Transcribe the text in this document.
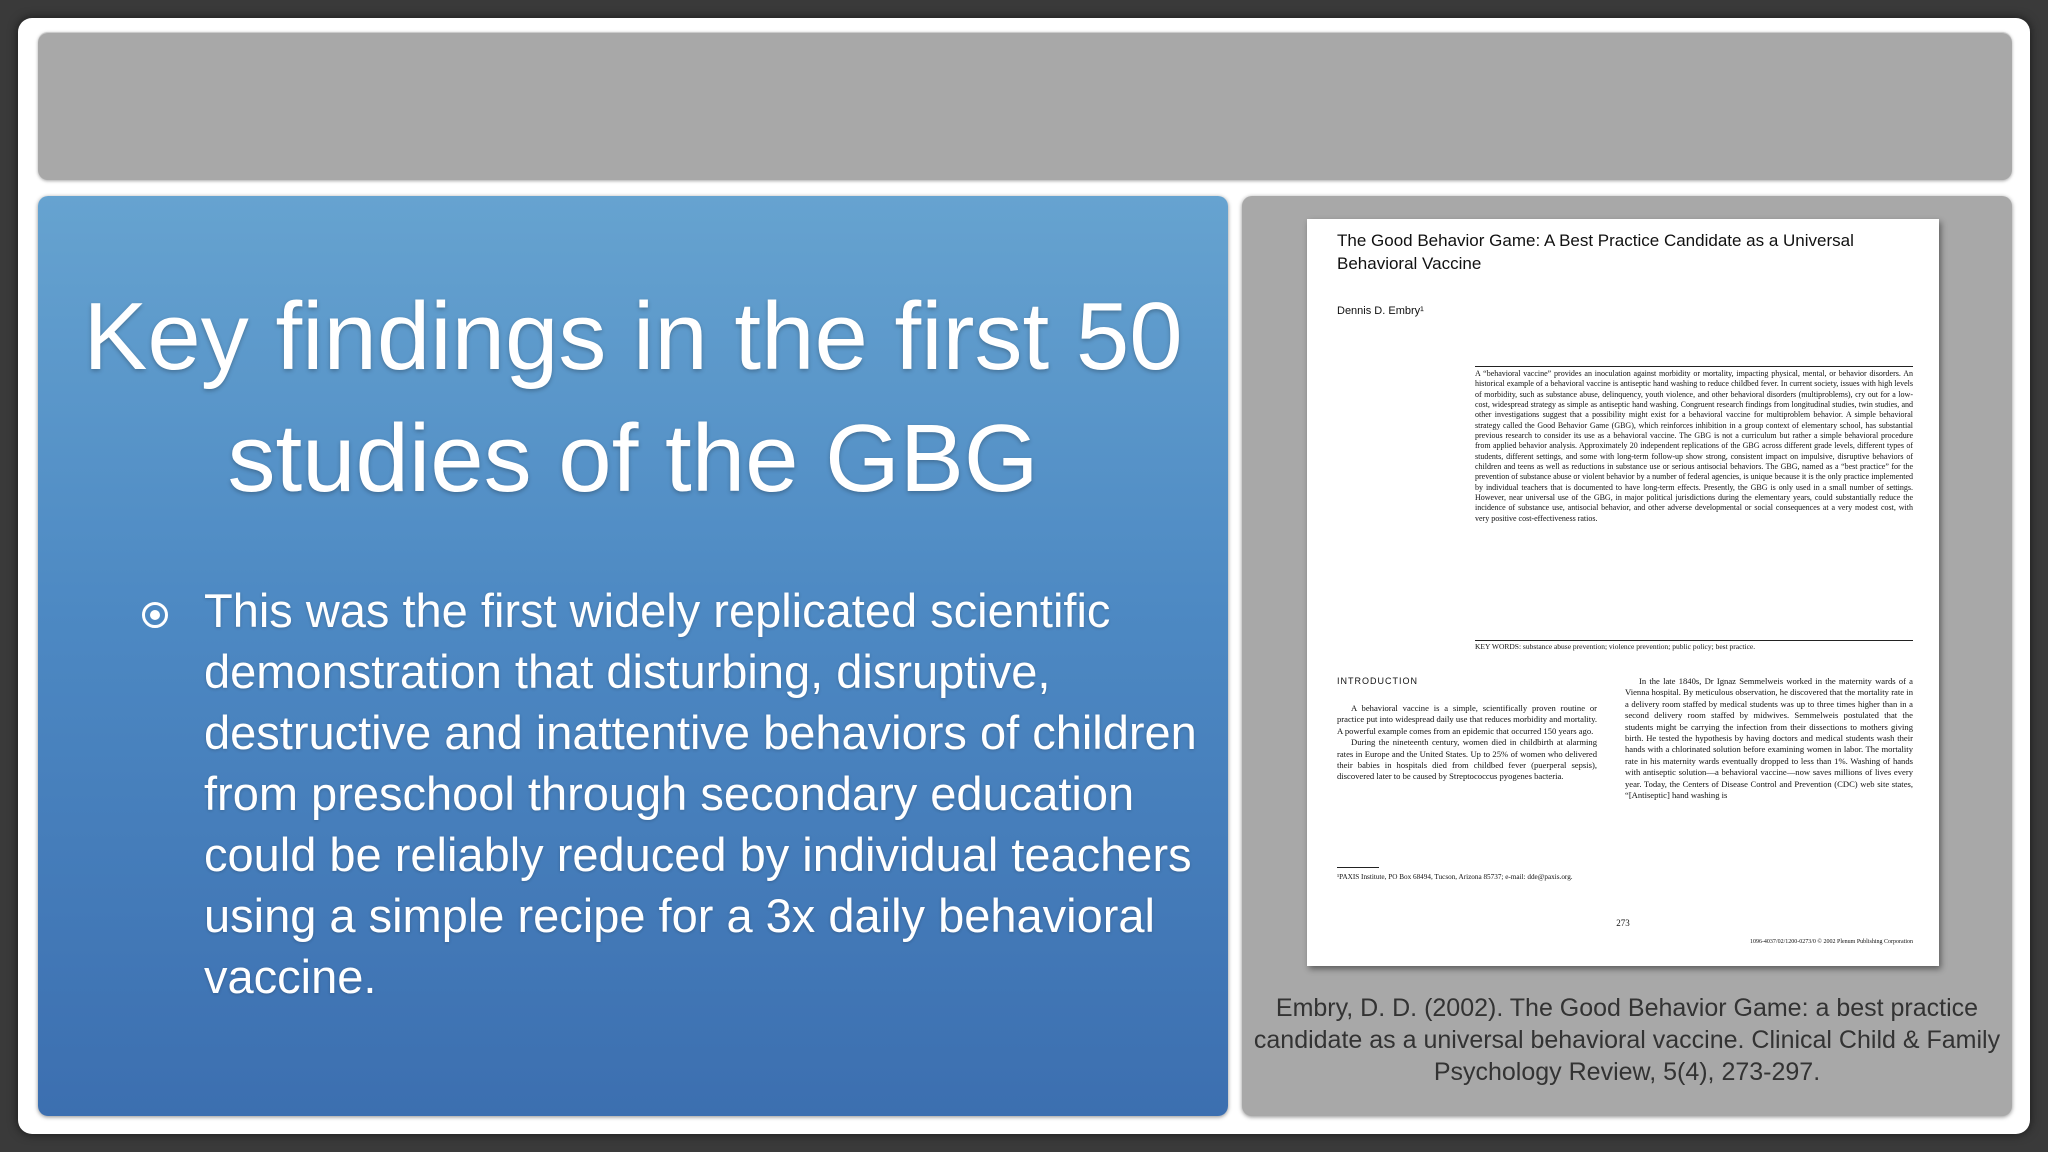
Key findings in the first 50 studies of the GBG
This was the first widely replicated scientific demonstration that disturbing, disruptive, destructive and inattentive behaviors of children from preschool through secondary education could be reliably reduced by individual teachers using a simple recipe for a 3x daily behavioral vaccine.
The Good Behavior Game: A Best Practice Candidate as a Universal Behavioral Vaccine
Dennis D. Embry¹
A “behavioral vaccine” provides an inoculation against morbidity or mortality, impacting physical, mental, or behavior disorders. An historical example of a behavioral vaccine is antiseptic hand washing to reduce childbed fever. In current society, issues with high levels of morbidity, such as substance abuse, delinquency, youth violence, and other behavioral disorders (multiproblems), cry out for a low-cost, widespread strategy as simple as antiseptic hand washing. Congruent research findings from longitudinal studies, twin studies, and other investigations suggest that a possibility might exist for a behavioral vaccine for multiproblem behavior. A simple behavioral strategy called the Good Behavior Game (GBG), which reinforces inhibition in a group context of elementary school, has substantial previous research to consider its use as a behavioral vaccine. The GBG is not a curriculum but rather a simple behavioral procedure from applied behavior analysis. Approximately 20 independent replications of the GBG across different grade levels, different types of students, different settings, and some with long-term follow-up show strong, consistent impact on impulsive, disruptive behaviors of children and teens as well as reductions in substance use or serious antisocial behaviors. The GBG, named as a “best practice” for the prevention of substance abuse or violent behavior by a number of federal agencies, is unique because it is the only practice implemented by individual teachers that is documented to have long-term effects. Presently, the GBG is only used in a small number of settings. However, near universal use of the GBG, in major political jurisdictions during the elementary years, could substantially reduce the incidence of substance use, antisocial behavior, and other adverse developmental or social consequences at a very modest cost, with very positive cost-effectiveness ratios.
KEY WORDS: substance abuse prevention; violence prevention; public policy; best practice.
INTRODUCTION

A behavioral vaccine is a simple, scientifically proven routine or practice put into widespread daily use that reduces morbidity and mortality. A powerful example comes from an epidemic that occurred 150 years ago.

During the nineteenth century, women died in childbirth at alarming rates in Europe and the United States. Up to 25% of women who delivered their babies in hospitals died from childbed fever (puerperal sepsis), discovered later to be caused by Streptococcus pyogenes bacteria.

¹PAXIS Institute, PO Box 68494, Tucson, Arizona 85737; e-mail: dde@paxis.org.

In the late 1840s, Dr Ignaz Semmelweis worked in the maternity wards of a Vienna hospital. By meticulous observation, he discovered that the mortality rate in a delivery room staffed by medical students was up to three times higher than in a second delivery room staffed by midwives. Semmelweis postulated that the students might be carrying the infection from their dissections to mothers giving birth. He tested the hypothesis by having doctors and medical students wash their hands with a chlorinated solution before examining women in labor. The mortality rate in his maternity wards eventually dropped to less than 1%. Washing of hands with antiseptic solution—a behavioral vaccine—now saves millions of lives every year. Today, the Centers of Disease Control and Prevention (CDC) web site states, “[Antiseptic] hand washing is

273
1096-4037/02/1200-0273/0 © 2002 Plenum Publishing Corporation
Embry, D. D. (2002). The Good Behavior Game: a best practice candidate as a universal behavioral vaccine. Clinical Child & Family Psychology Review, 5(4), 273-297.
